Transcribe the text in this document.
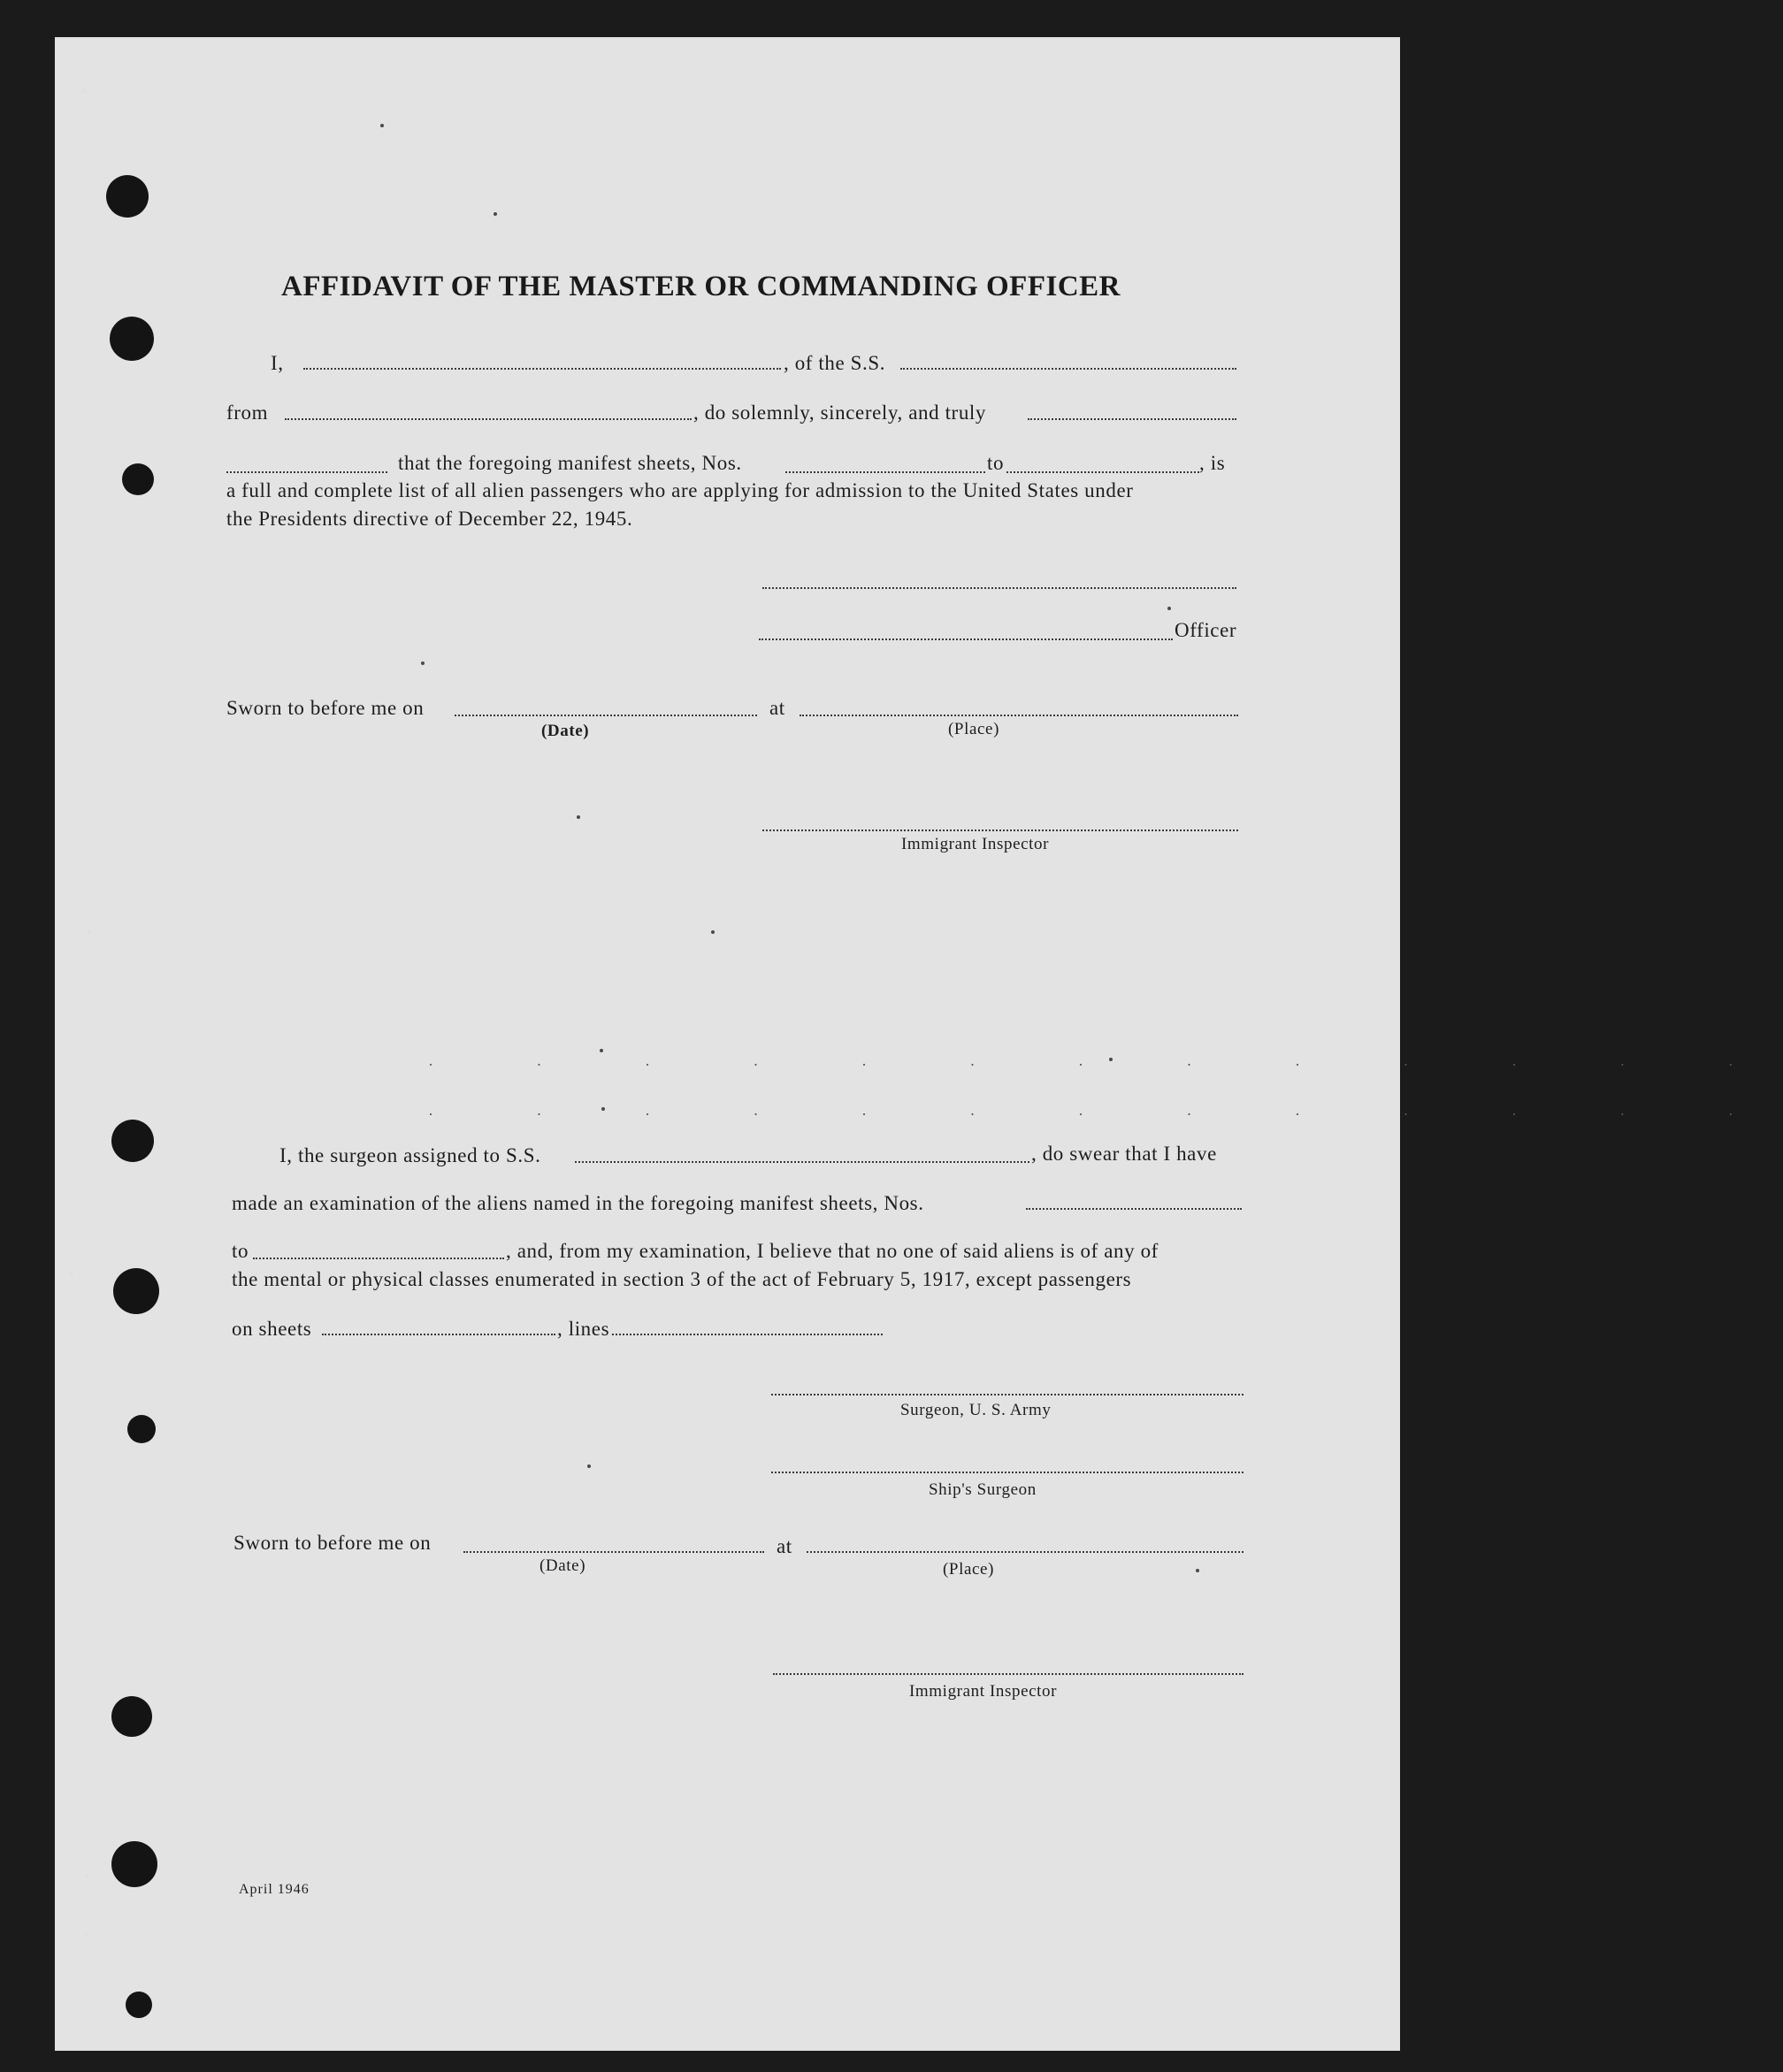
· · · · · · · · · · · · ·
· · · · · · · · · · · · ·
AFFIDAVIT OF THE MASTER OR COMMANDING OFFICER
I,	, of the S.S.
from	, do solemnly, sincerely, and truly
that the foregoing manifest sheets, Nos.	to	, is
a full and complete list of all alien passengers who are applying for admission to the United States under
the Presidents directive of December 22, 1945.
Officer
Sworn to before me on	at
(Date)	(Place)
Immigrant Inspector
I, the surgeon assigned to S.S.	, do swear that I have
made an examination of the aliens named in the foregoing manifest sheets, Nos.
to	, and, from my examination, I believe that no one of said aliens is of any of
the mental or physical classes enumerated in section 3 of the act of February 5, 1917, except passengers
on sheets	, lines
Surgeon, U. S. Army
Ship's Surgeon
Sworn to before me on	at
(Date)	(Place)
Immigrant Inspector
April 1946
